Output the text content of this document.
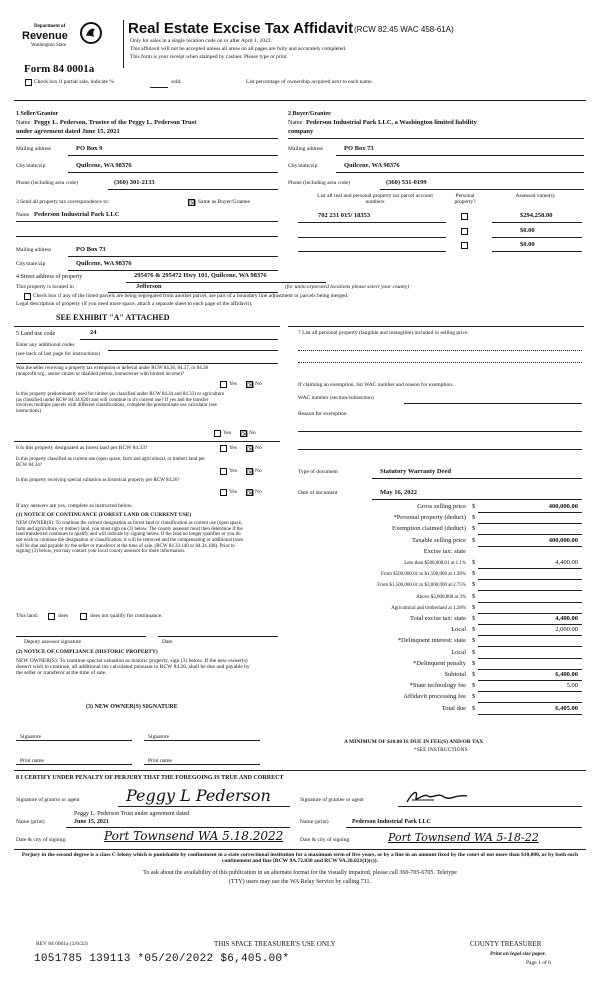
Department of
Revenue
Washington State
Real Estate Excise Tax Affidavit (RCW 82.45 WAC 458-61A)
Only for sales in a single location code on or after April 1, 2022.
This affidavit will not be accepted unless all areas on all pages are fully and accurately completed.
This form is your receipt when stamped by cashier. Please type or print.
Form 84 0001a
Check box if partial sale, indicate %	sold.	List percentage of ownership acquired next to each name.
1 Seller/Grantor
Name Peggy L. Pederson, Trustee of the Peggy L. Pederson Trust
under agreement dated June 15, 2021
Mailing address	PO Box 9
City/state/zip	Quilcene, WA 98376
Phone (including area code)	(360) 301-2133
2 Buyer/Grantee
Name Pederson Industrial Park LLC, a Washington limited liability
company
Mailing address	PO Box 73
City/state/zip	Quilcene, WA 98376
Phone (including area code)	(360) 531-0199
3 Send all property tax correspondence to:	☒ Same as Buyer/Grantee
Name Pederson Industrial Park LLC
Mailing address	PO Box 73
City/state/zip	Quilcene, WA 98376
List all real and personal property tax parcel account numbers
Personal property?
Assessed value(s)
702 231 015/ 18353	$294,258.00
$0.00
$0.00
4 Street address of property	295476 & 295472 Hwy 101, Quilcene, WA 98376
This property is located in	Jefferson	(for unincorporated locations please select your county)
Check box if any of the listed parcels are being segregated from another parcel, are part of a boundary line adjustment or parcels being merged.
Legal description of property (if you need more space, attach a separate sheet to each page of the affidavit).
SEE EXHIBIT "A" ATTACHED
5 Land use code	24
Enter any additional codes
(see back of last page for instructions)
Was the seller receiving a property tax exemption or deferral under RCW 84.36, 84.37, or 84.38 (nonprofit org., senior citizen or disabled person, homeowner with limited income)?
Yes ☒ No
Is this property predominately used for timber (as classified under RCW 84.34 and 84.33) or agriculture (as classified under RCW 84.34.020) and will continue in it's current use? If yes and the transfer involves multiple parcels with different classifications, complete the predominate use calculator (see instructions)
Yes ☒ No
6 Is this property designated as forest land per RCW 84.33?	Yes ☒ No
Is this property classified as current use (open space, farm and agricultural, or timber) land per RCW 84.34?
Yes ☒ No
Is this property receiving special valuation as historical property per RCW 84.26?
Yes ☒ No
If any answers are yes, complete as instructed below.
(1) NOTICE OF CONTINUANCE (FOREST LAND OR CURRENT USE)
NEW OWNER(S): To continue the current designation as forest land or classification as current use (open space, farm and agriculture, or timber) land, you must sign on (3) below. The county assessor must then determine if the land transferred continues to qualify and will indicate by signing below. If the land no longer qualifies or you do not wish to continue the designation or classification, it will be removed and the compensating or additional taxes will be due and payable by the seller or transferor at the time of sale. (RCW 84.33.140 or 84.34.108). Prior to signing (3) below, you may contact your local county assessor for more information.
This land:	does	does not qualify for continuance.
Deputy assessor signature	Date
(2) NOTICE OF COMPLIANCE (HISTORIC PROPERTY)
NEW OWNER(S): To continue special valuation as historic property, sign (3) below. If the new owner(s) doesn't wish to continue, all additional tax calculated pursuant to RCW 84.26, shall be due and payable by the seller or transferor at the time of sale.
(3) NEW OWNER(S) SIGNATURE
Signature	Signature
Print name	Print name
7 List all personal property (tangible and intangible) included in selling price.
If claiming an exemption, list WAC number and reason for exemption.
WAC number (section/subsection)
Reason for exemption
Type of document	Statutory Warranty Deed
Date of document	May 16, 2022
Gross selling price $	400,000.00
*Personal property (deduct) $
Exemption claimed (deduct) $
Taxable selling price $	400,000.00
Excise tax: state
Less than $500,000.01 at 1.1% $	4,400.00
From $500,000.01 to $1,500,000 at 1.28% $
From $1,500,000.01 to $3,000,000 at 2.75% $
Above $3,000,000 at 3% $
Agricultural and timberland at 1.28% $
Total excise tax: state $	4,400.00
Local $	2,000.00
*Delinquent interest: state $
Local $
*Delinquent penalty $
Subtotal $	6,400.00
*State technology fee $	5.00
Affidavit processing fee $
Total due $	6,405.00
A MINIMUM OF $10.00 IS DUE IN FEE(S) AND/OR TAX
*SEE INSTRUCTIONS
8 I CERTIFY UNDER PENALTY OF PERJURY THAT THE FOREGOING IS TRUE AND CORRECT
Signature of grantor or agent	Peggy L Pederson	Signature of grantee or agent
Peggy L. Pederson Trust under agreement dated
Name (print)	June 15, 2021	Name (print)	Pederson Industrial Park LLC
Date & city of signing:	Port Townsend WA 5.18.2022	Date & city of signing:	Port Townsend WA 5-18-22
Perjury in the second degree is a class C felony which is punishable by confinement in a state correctional institution for a maximum term of five years, or by a fine in an amount fixed by the court of not more than $10,000, or by both such confinement and fine (RCW 9A.72.030 and RCW 9A.20.021(1)(c)).
To ask about the availability of this publication in an alternate format for the visually impaired, please call 360-705-6705. Teletype
(TTY) users may use the WA Relay Service by calling 711.
REV 84 0001a (3/8/22)	THIS SPACE TREASURER'S USE ONLY
1051785 139113 *05/20/2022 $6,405.00*
COUNTY TREASURER
Print on legal size paper.
Page 1 of 6
